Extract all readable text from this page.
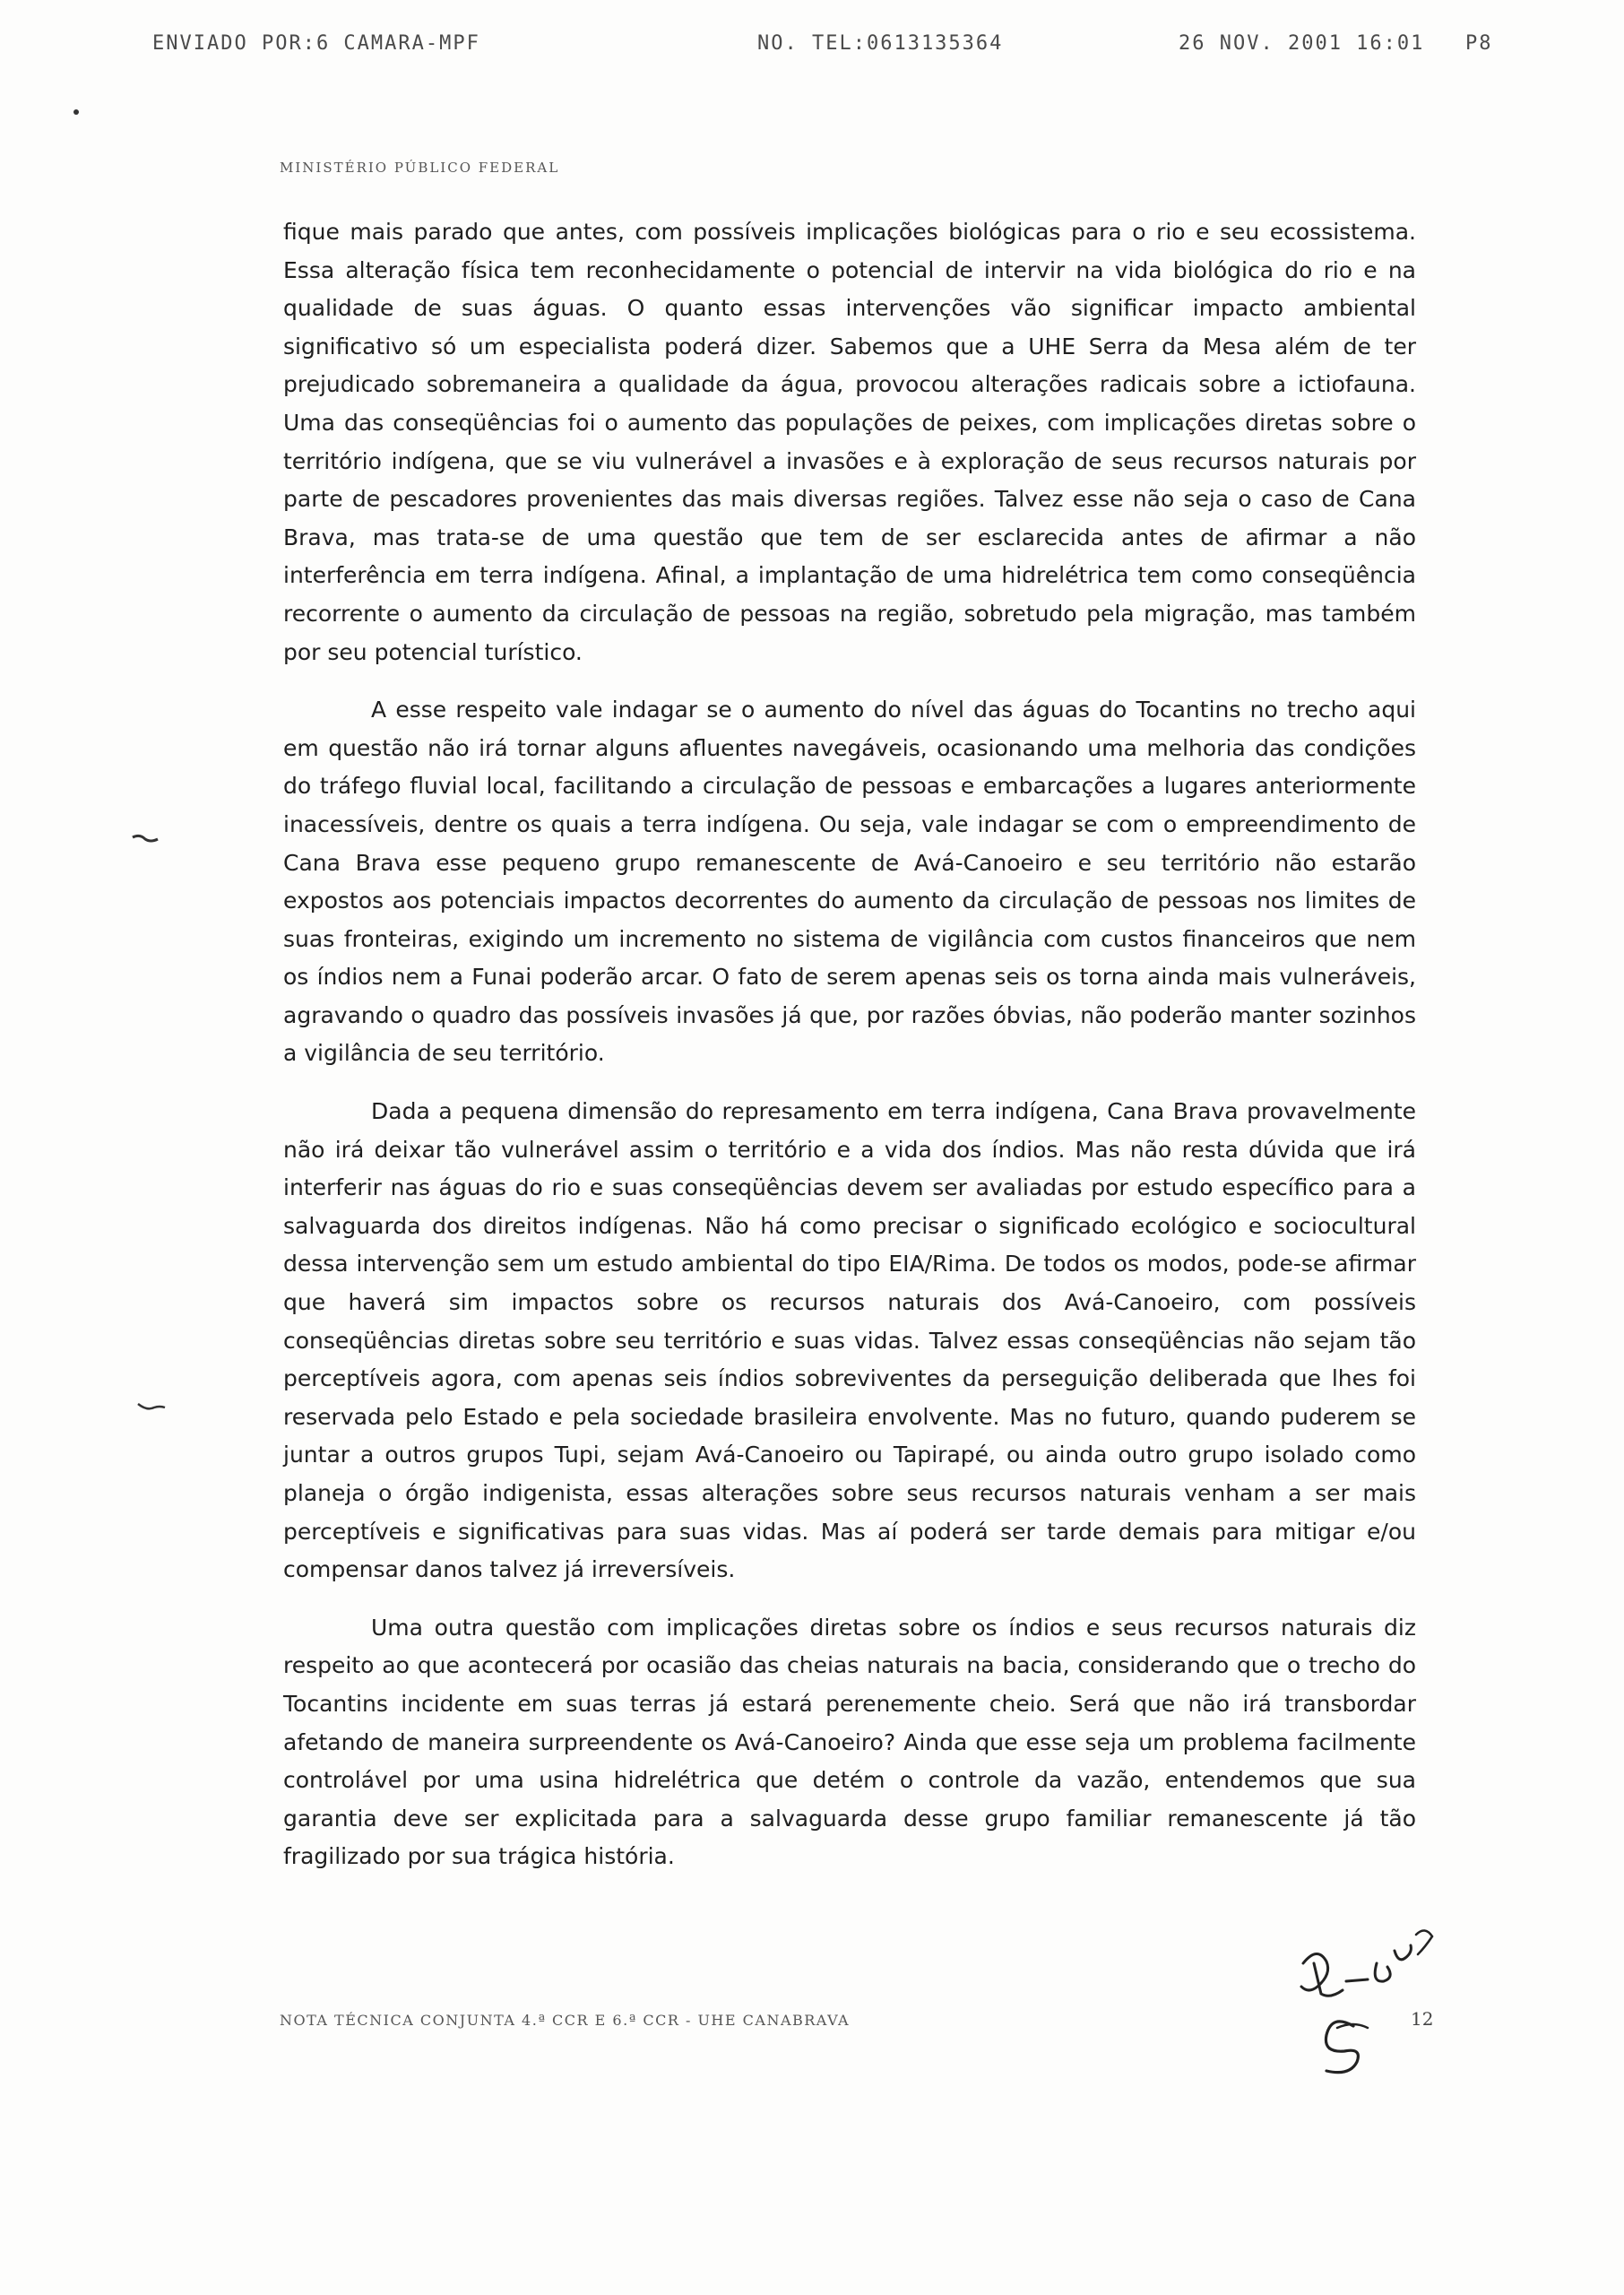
ENVIADO POR:6 CAMARA-MPF	NO. TEL:0613135364	26 NOV. 2001 16:01 P8
MINISTÉRIO PÚBLICO FEDERAL

fique mais parado que antes, com possíveis implicações biológicas para o rio e seu ecossistema. Essa alteração física tem reconhecidamente o potencial de intervir na vida biológica do rio e na qualidade de suas águas. O quanto essas intervenções vão significar impacto ambiental significativo só um especialista poderá dizer. Sabemos que a UHE Serra da Mesa além de ter prejudicado sobremaneira a qualidade da água, provocou alterações radicais sobre a ictiofauna. Uma das conseqüências foi o aumento das populações de peixes, com implicações diretas sobre o território indígena, que se viu vulnerável a invasões e à exploração de seus recursos naturais por parte de pescadores provenientes das mais diversas regiões. Talvez esse não seja o caso de Cana Brava, mas trata-se de uma questão que tem de ser esclarecida antes de afirmar a não interferência em terra indígena. Afinal, a implantação de uma hidrelétrica tem como conseqüência recorrente o aumento da circulação de pessoas na região, sobretudo pela migração, mas também por seu potencial turístico.

A esse respeito vale indagar se o aumento do nível das águas do Tocantins no trecho aqui em questão não irá tornar alguns afluentes navegáveis, ocasionando uma melhoria das condições do tráfego fluvial local, facilitando a circulação de pessoas e embarcações a lugares anteriormente inacessíveis, dentre os quais a terra indígena. Ou seja, vale indagar se com o empreendimento de Cana Brava esse pequeno grupo remanescente de Avá-Canoeiro e seu território não estarão expostos aos potenciais impactos decorrentes do aumento da circulação de pessoas nos limites de suas fronteiras, exigindo um incremento no sistema de vigilância com custos financeiros que nem os índios nem a Funai poderão arcar. O fato de serem apenas seis os torna ainda mais vulneráveis, agravando o quadro das possíveis invasões já que, por razões óbvias, não poderão manter sozinhos a vigilância de seu território.

Dada a pequena dimensão do represamento em terra indígena, Cana Brava provavelmente não irá deixar tão vulnerável assim o território e a vida dos índios. Mas não resta dúvida que irá interferir nas águas do rio e suas conseqüências devem ser avaliadas por estudo específico para a salvaguarda dos direitos indígenas. Não há como precisar o significado ecológico e sociocultural dessa intervenção sem um estudo ambiental do tipo EIA/Rima. De todos os modos, pode-se afirmar que haverá sim impactos sobre os recursos naturais dos Avá-Canoeiro, com possíveis conseqüências diretas sobre seu território e suas vidas. Talvez essas conseqüências não sejam tão perceptíveis agora, com apenas seis índios sobreviventes da perseguição deliberada que lhes foi reservada pelo Estado e pela sociedade brasileira envolvente. Mas no futuro, quando puderem se juntar a outros grupos Tupi, sejam Avá-Canoeiro ou Tapirapé, ou ainda outro grupo isolado como planeja o órgão indigenista, essas alterações sobre seus recursos naturais venham a ser mais perceptíveis e significativas para suas vidas. Mas aí poderá ser tarde demais para mitigar e/ou compensar danos talvez já irreversíveis.

Uma outra questão com implicações diretas sobre os índios e seus recursos naturais diz respeito ao que acontecerá por ocasião das cheias naturais na bacia, considerando que o trecho do Tocantins incidente em suas terras já estará perenemente cheio. Será que não irá transbordar afetando de maneira surpreendente os Avá-Canoeiro? Ainda que esse seja um problema facilmente controlável por uma usina hidrelétrica que detém o controle da vazão, entendemos que sua garantia deve ser explicitada para a salvaguarda desse grupo familiar remanescente já tão fragilizado por sua trágica história.

NOTA TÉCNICA CONJUNTA 4.ª CCR E 6.ª CCR - UHE CANABRAVA	12
